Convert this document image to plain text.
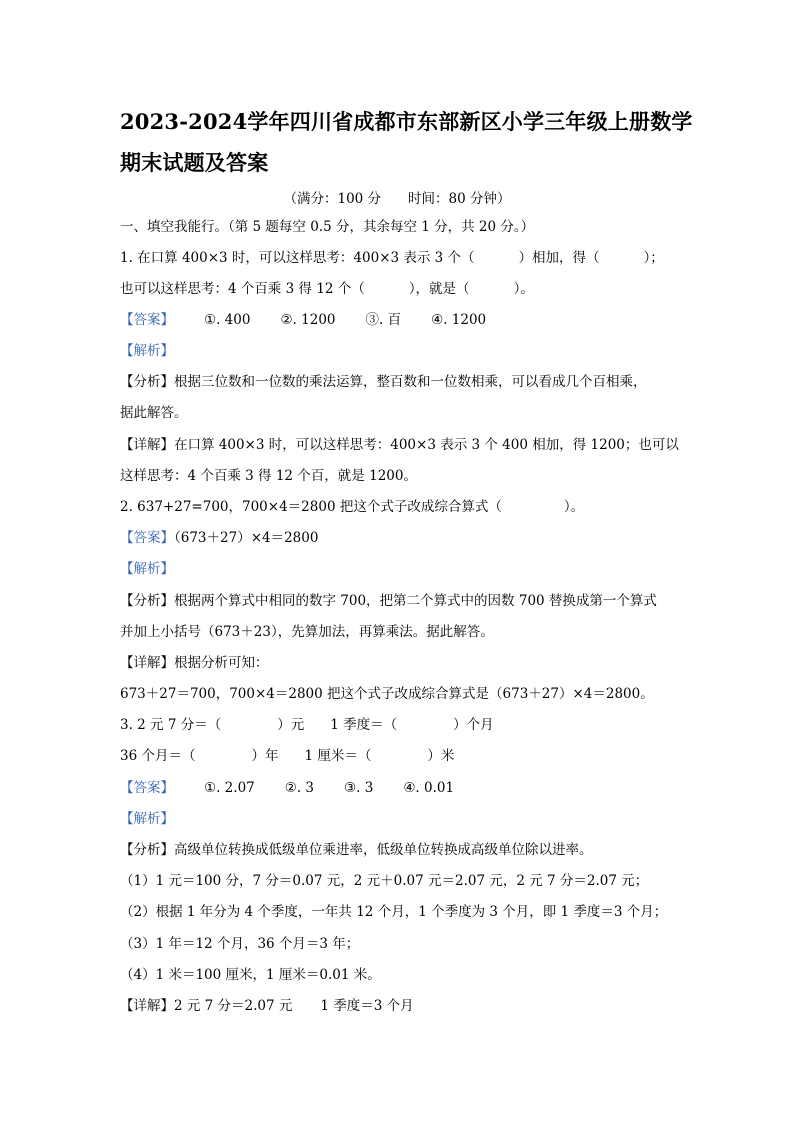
2023-2024学年四川省成都市东部新区小学三年级上册数学
期末试题及答案
（满分：100 分　　时间：80 分钟）
一、填空我能行。（第 5 题每空 0.5 分，其余每空 1 分，共 20 分。）
1. 在口算 400×3 时，可以这样思考：400×3 表示 3 个（	）相加，得（	）；
也可以这样思考：4 个百乘 3 得 12 个（	），就是（	）。
【答案】 ①. 400 ②. 1200 ③. 百 ④. 1200
【解析】
【分析】根据三位数和一位数的乘法运算，整百数和一位数相乘，可以看成几个百相乘，
据此解答。
【详解】在口算 400×3 时，可以这样思考：400×3 表示 3 个 400 相加，得 1200；也可以
这样思考：4 个百乘 3 得 12 个百，就是 1200。
2. 637+27=700，700×4＝2800 把这个式子改成综合算式（	）。
【答案】（673＋27）×4＝2800
【解析】
【分析】根据两个算式中相同的数字 700，把第二个算式中的因数 700 替换成第一个算式
并加上小括号（673＋23），先算加法，再算乘法。据此解答。
【详解】根据分析可知：
673＋27＝700，700×4＝2800 把这个式子改成综合算式是（673＋27）×4＝2800。
3. 2 元 7 分＝（	）元 1 季度＝（	）个月
36 个月＝（	）年 1 厘米＝（	）米
【答案】 ①. 2.07 ②. 3 ③. 3 ④. 0.01
【解析】
【分析】高级单位转换成低级单位乘进率，低级单位转换成高级单位除以进率。
（1）1 元＝100 分，7 分＝0.07 元，2 元＋0.07 元＝2.07 元，2 元 7 分＝2.07 元；
（2）根据 1 年分为 4 个季度，一年共 12 个月，1 个季度为 3 个月，即 1 季度＝3 个月；
（3）1 年＝12 个月，36 个月＝3 年；
（4）1 米＝100 厘米，1 厘米＝0.01 米。
【详解】2 元 7 分＝2.07 元 1 季度＝3 个月
